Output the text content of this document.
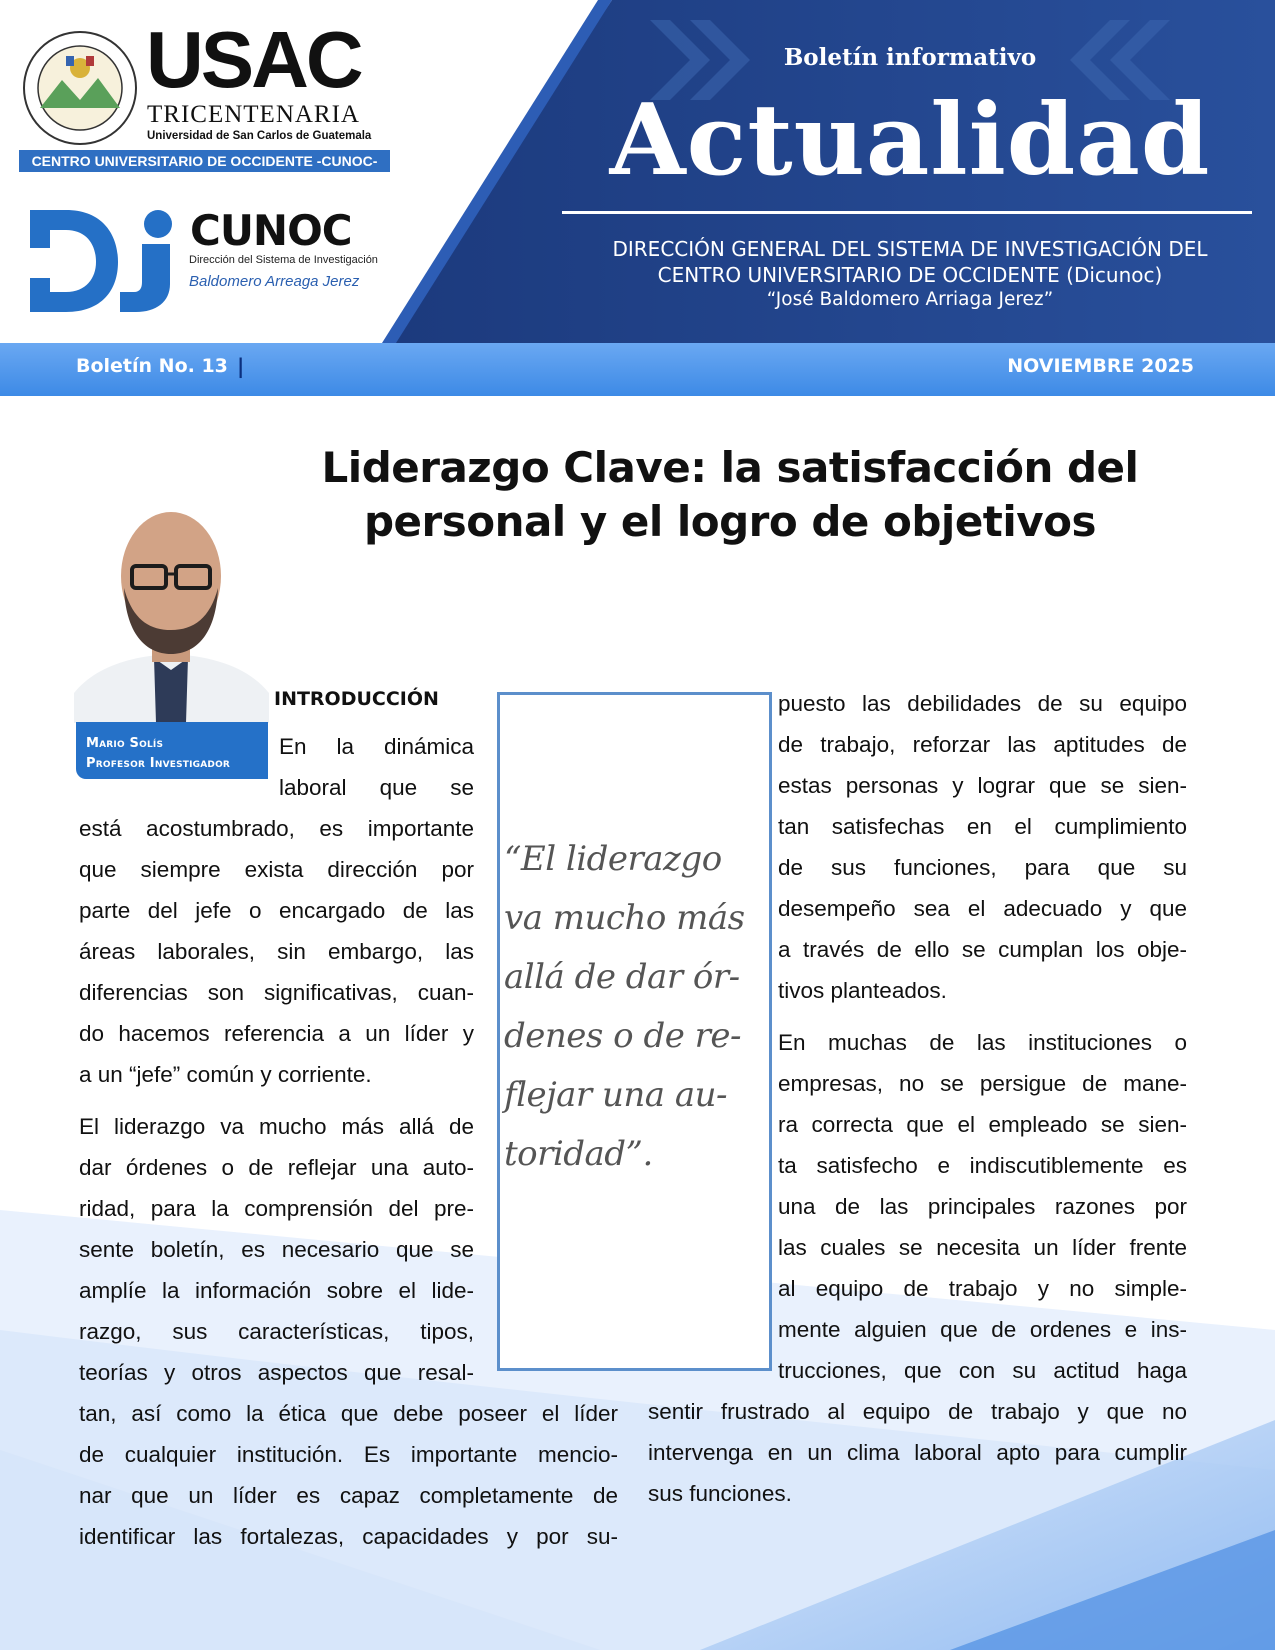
USAC
TRICENTENARIA
Universidad de San Carlos de Guatemala
CENTRO UNIVERSITARIO DE OCCIDENTE -CUNOC-
CUNOC
Dirección del Sistema de Investigación
Baldomero Arreaga Jerez
Boletín informativo
Actualidad
DIRECCIÓN GENERAL DEL SISTEMA DE INVESTIGACIÓN DEL
CENTRO UNIVERSITARIO DE OCCIDENTE (Dicunoc)
“José Baldomero Arriaga Jerez”
Boletín No. 13 |	NOVIEMBRE 2025
Liderazgo Clave: la satisfacción del
personal y el logro de objetivos
Mario Solís
Profesor Investigador
INTRODUCCIÓN
“El liderazgo va mucho más allá de dar ór-denes o de re-flejar una au-toridad”.
En la dinámica
laboral que se
está acostumbrado, es importante
que siempre exista dirección por
parte del jefe o encargado de las
áreas laborales, sin embargo, las
diferencias son significativas, cuan-
do hacemos referencia a un líder y
a un “jefe” común y corriente.
El liderazgo va mucho más allá de
dar órdenes o de reflejar una auto-
ridad, para la comprensión del pre-
sente boletín, es necesario que se
amplíe la información sobre el lide-
razgo, sus características, tipos,
teorías y otros aspectos que resal-
tan, así como la ética que debe poseer el líder
de cualquier institución. Es importante mencio-
nar que un líder es capaz completamente de
identificar las fortalezas, capacidades y por su-
puesto las debilidades de su equipo
de trabajo, reforzar las aptitudes de
estas personas y lograr que se sien-
tan satisfechas en el cumplimiento
de sus funciones, para que su
desempeño sea el adecuado y que
a través de ello se cumplan los obje-
tivos planteados.
En muchas de las instituciones o
empresas, no se persigue de mane-
ra correcta que el empleado se sien-
ta satisfecho e indiscutiblemente es
una de las principales razones por
las cuales se necesita un líder frente
al equipo de trabajo y no simple-
mente alguien que de ordenes e ins-
trucciones, que con su actitud haga
sentir frustrado al equipo de trabajo y que no
intervenga en un clima laboral apto para cumplir
sus funciones.
